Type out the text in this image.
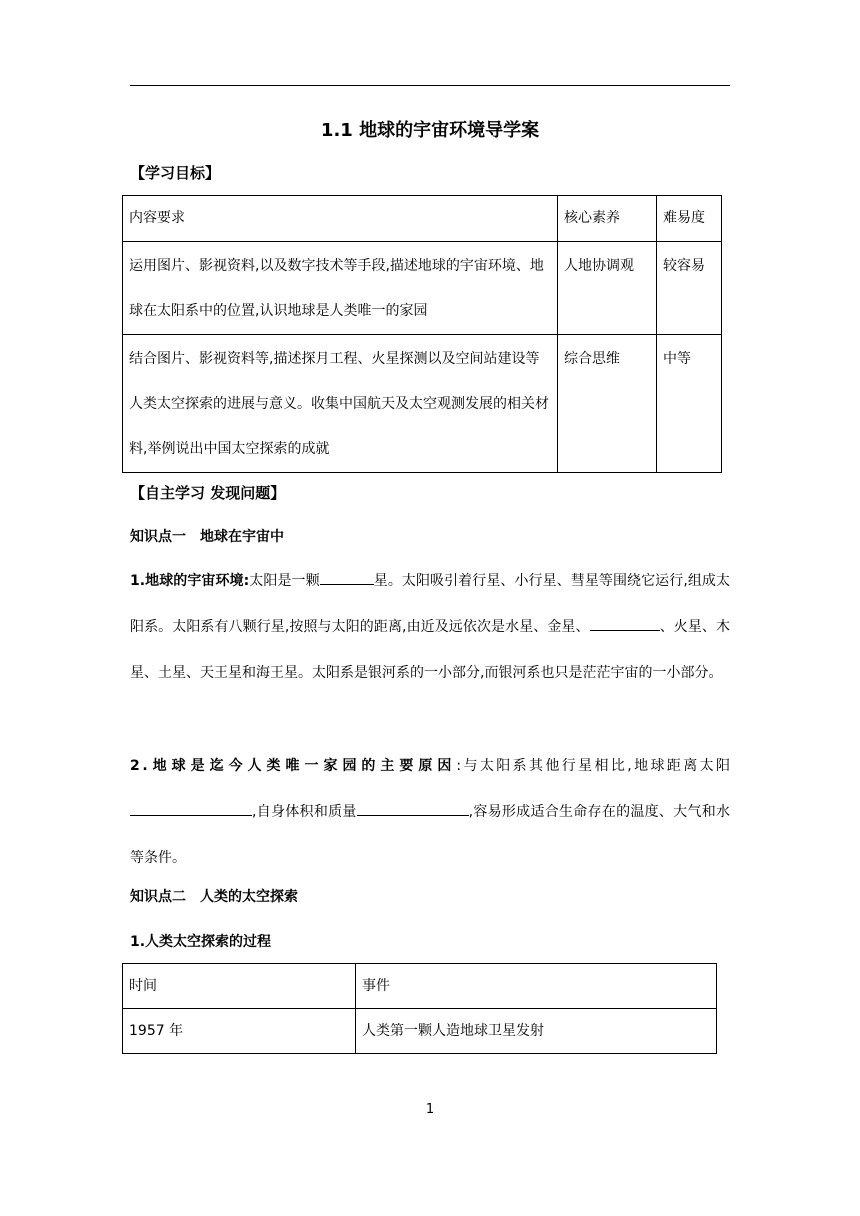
1.1 地球的宇宙环境导学案
【学习目标】
内容要求	核心素养	难易度
运用图片、影视资料,以及数字技术等手段,描述地球的宇宙环境、地球在太阳系中的位置,认识地球是人类唯一的家园	人地协调观	较容易
结合图片、影视资料等,描述探月工程、火星探测以及空间站建设等人类太空探索的进展与意义。收集中国航天及太空观测发展的相关材料,举例说出中国太空探索的成就	综合思维	中等
【自主学习 发现问题】
知识点一　地球在宇宙中
1.地球的宇宙环境:太阳是一颗	星。太阳吸引着行星、小行星、彗星等围绕它运行,组成太阳系。太阳系有八颗行星,按照与太阳的距离,由近及远依次是水星、金星、	、火星、木星、土星、天王星和海王星。太阳系是银河系的一小部分,而银河系也只是茫茫宇宙的一小部分。
2.地球是迄今人类唯一家园的主要原因:与太阳系其他行星相比,地球距离太阳,自身体积和质量	,容易形成适合生命存在的温度、大气和水等条件。
知识点二　人类的太空探索
1.人类太空探索的过程
时间	事件
1957 年	人类第一颗人造地球卫星发射
1
